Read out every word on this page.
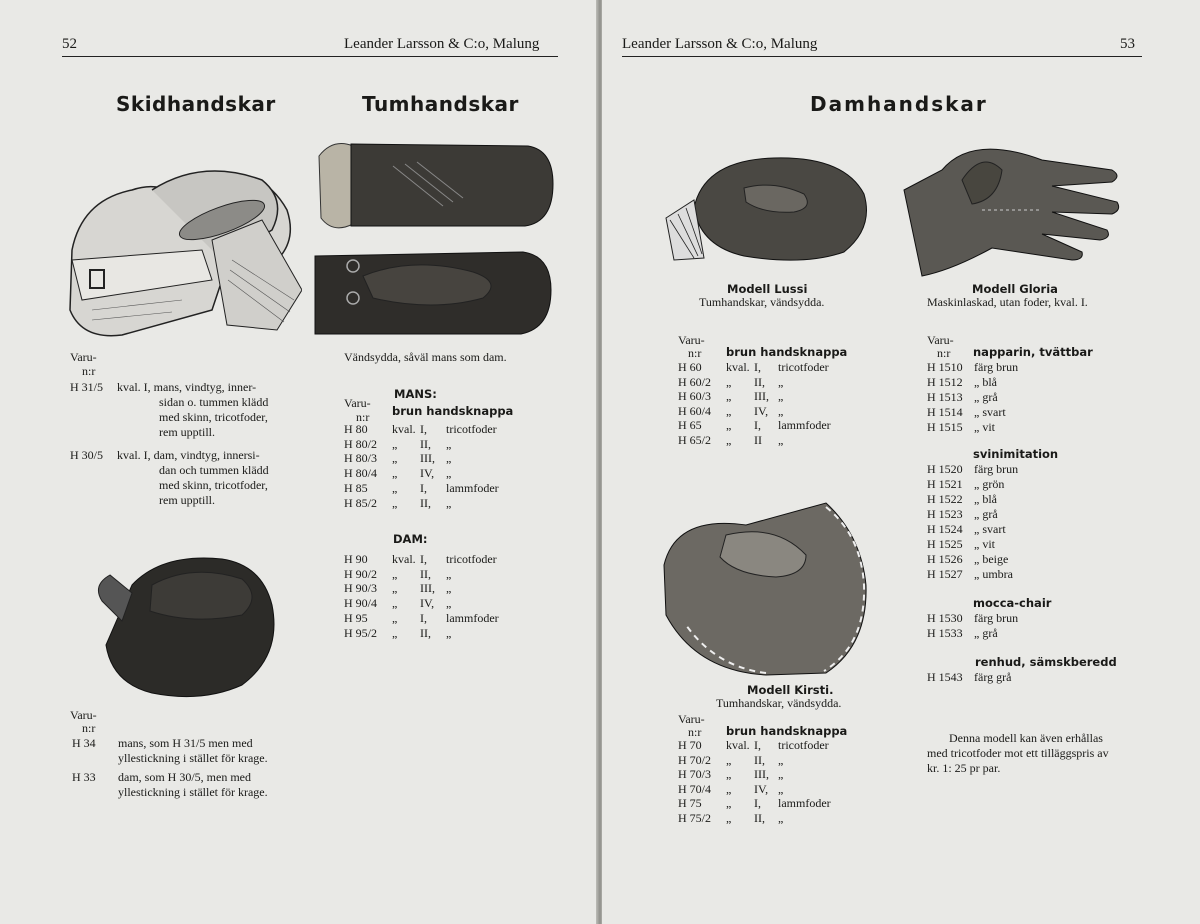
52	Leander Larsson & C:o, Malung
Skidhandskar	Tumhandskar
Varu-
n:r
H 31/5 kval. I, mans, vindtyg, inner-
sidan o. tummen klädd
med skinn, tricotfoder,
rem upptill.
H 30/5 kval. I, dam, vindtyg, innersi-
dan och tummen klädd
med skinn, tricotfoder,
rem upptill.
Vändsydda, såväl mans som dam.
MANS:
Varu-
n:r brun handsknappa
H 80 kval. I, tricotfoder
H 80/2 „ II, „
H 80/3 „ III, „
H 80/4 „ IV, „
H 85 „ I, lammfoder
H 85/2 „ II, „
DAM:
H 90 kval. I, tricotfoder
H 90/2 „ II, „
H 90/3 „ III, „
H 90/4 „ IV, „
H 95 „ I, lammfoder
H 95/2 „ II, „
Varu-
n:r
H 34 mans, som H 31/5 men med
yllestickning i stället för krage.
H 33 dam, som H 30/5, men med
yllestickning i stället för krage.
Leander Larsson & C:o, Malung	53
Damhandskar
Modell Lussi
Tumhandskar, vändsydda.
Modell Gloria
Maskinlaskad, utan foder, kval. I.
Varu-
n:r brun handsknappa
H 60 kval. I, tricotfoder
H 60/2 „ II, „
H 60/3 „ III, „
H 60/4 „ IV, „
H 65 „ I, lammfoder
H 65/2 „ II „
Varu-
n:r napparin, tvättbar
H 1510 färg brun
H 1512 „ blå
H 1513 „ grå
H 1514 „ svart
H 1515 „ vit
svinimitation
H 1520 färg brun
H 1521 „ grön
H 1522 „ blå
H 1523 „ grå
H 1524 „ svart
H 1525 „ vit
H 1526 „ beige
H 1527 „ umbra
mocca-chair
H 1530 färg brun
H 1533 „ grå
renhud, sämskberedd
H 1543 färg grå
Modell Kirsti.
Tumhandskar, vändsydda.
Varu-
n:r brun handsknappa
H 70 kval. I, tricotfoder
H 70/2 „ II, „
H 70/3 „ III, „
H 70/4 „ IV, „
H 75 „ I, lammfoder
H 75/2 „ II, „
Denna modell kan även erhållas
med tricotfoder mot ett tilläggspris av
kr. 1: 25 pr par.
